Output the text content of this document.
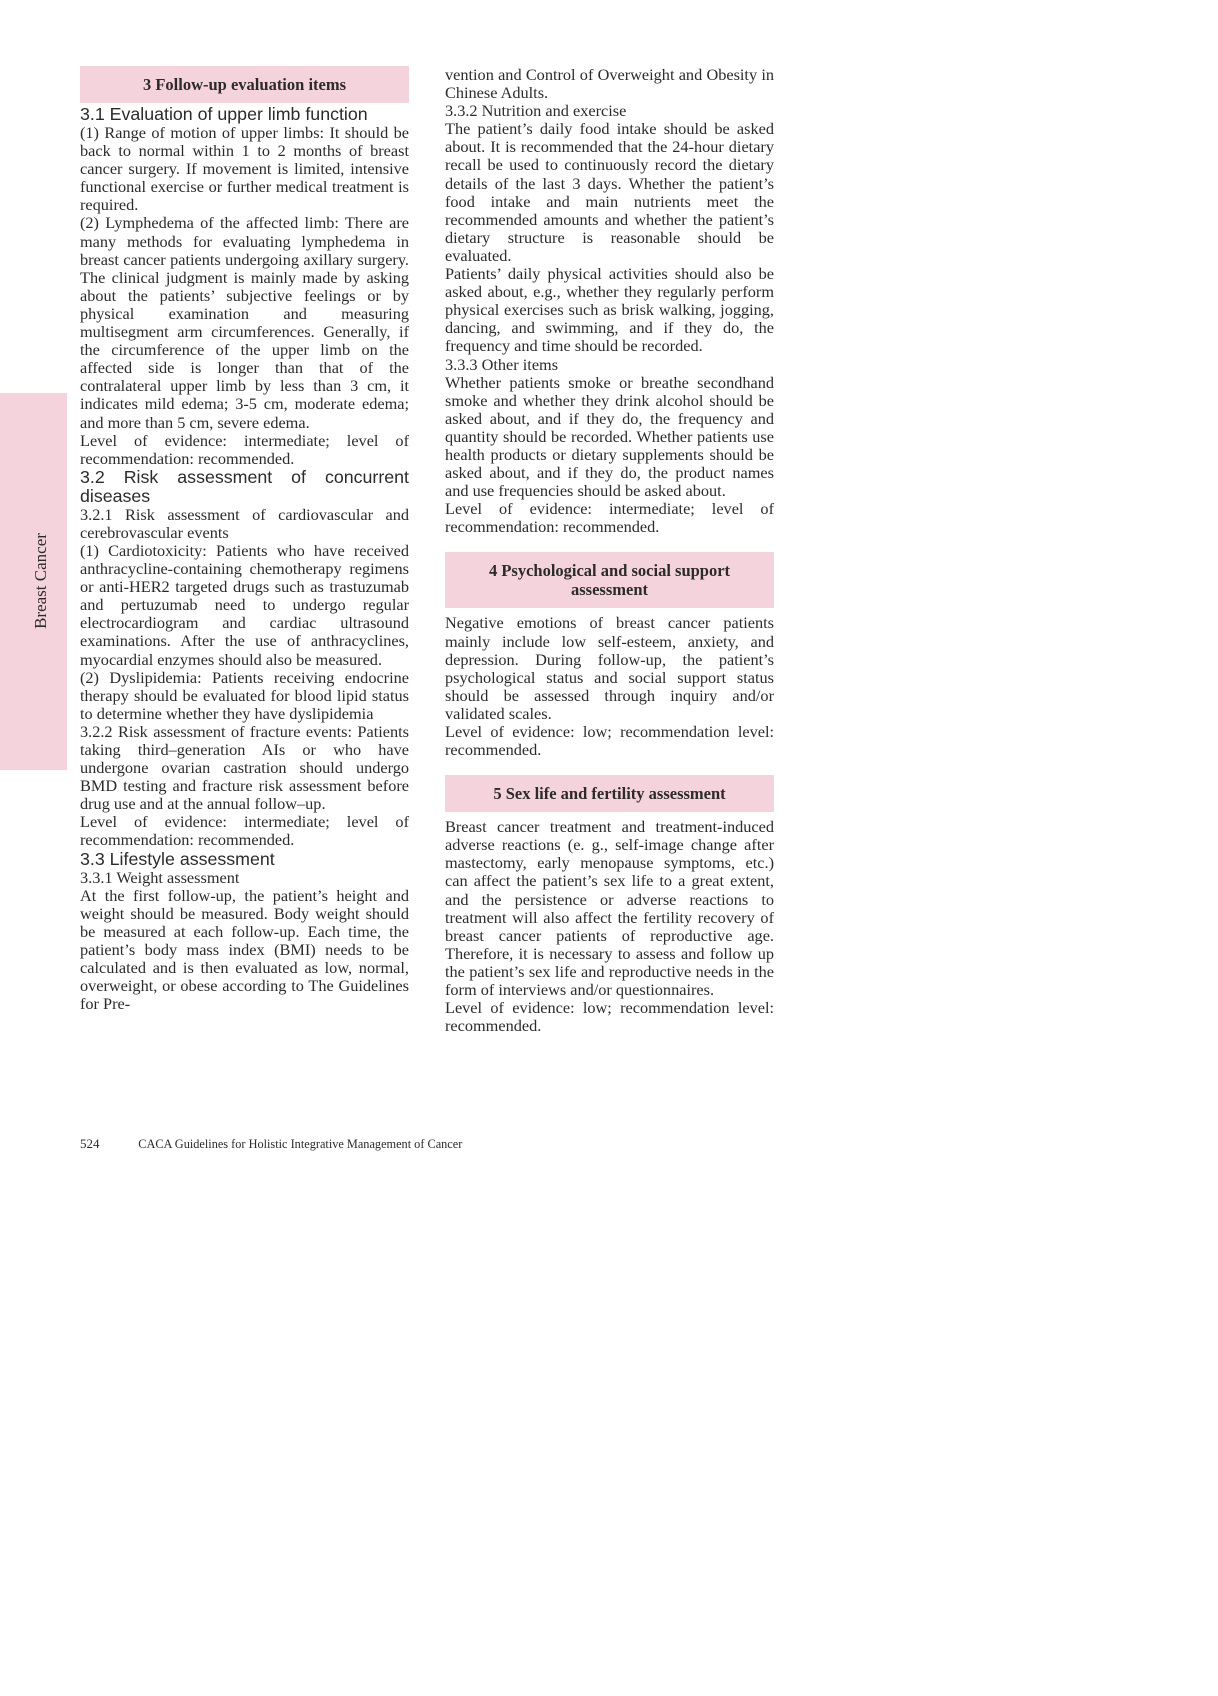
Breast Cancer
3 Follow-up evaluation items

3.1 Evaluation of upper limb function

(1) Range of motion of upper limbs: It should be back to normal within 1 to 2 months of breast cancer surgery. If movement is limited, intensive functional exercise or further medical treatment is required.

(2) Lymphedema of the affected limb: There are many methods for evaluating lymphedema in breast cancer patients undergoing axillary surgery. The clinical judgment is mainly made by asking about the patients’ subjective feelings or by physical examination and measuring multisegment arm circumferences. Generally, if the circumference of the upper limb on the affected side is longer than that of the contralateral upper limb by less than 3 cm, it indicates mild edema; 3-5 cm, moderate edema; and more than 5 cm, severe edema.

Level of evidence: intermediate; level of recommendation: recommended.

3.2 Risk assessment of concurrent diseases

3.2.1 Risk assessment of cardiovascular and cerebrovascular events

(1) Cardiotoxicity: Patients who have received anthracycline-containing chemotherapy regimens or anti-HER2 targeted drugs such as trastuzumab and pertuzumab need to undergo regular electrocardiogram and cardiac ultrasound examinations. After the use of anthracyclines, myocardial enzymes should also be measured.

(2) Dyslipidemia: Patients receiving endocrine therapy should be evaluated for blood lipid status to determine whether they have dyslipidemia

3.2.2 Risk assessment of fracture events: Patients taking third–generation AIs or who have undergone ovarian castration should undergo BMD testing and fracture risk assessment before drug use and at the annual follow–up.

Level of evidence: intermediate; level of recommendation: recommended.

3.3 Lifestyle assessment

3.3.1 Weight assessment

At the first follow-up, the patient’s height and weight should be measured. Body weight should be measured at each follow-up. Each time, the patient’s body mass index (BMI) needs to be calculated and is then evaluated as low, normal, overweight, or obese according to The Guidelines for Pre-

vention and Control of Overweight and Obesity in Chinese Adults.

3.3.2 Nutrition and exercise

The patient’s daily food intake should be asked about. It is recommended that the 24-hour dietary recall be used to continuously record the dietary details of the last 3 days. Whether the patient’s food intake and main nutrients meet the recommended amounts and whether the patient’s dietary structure is reasonable should be evaluated.

Patients’ daily physical activities should also be asked about, e.g., whether they regularly perform physical exercises such as brisk walking, jogging, dancing, and swimming, and if they do, the frequency and time should be recorded.

3.3.3 Other items

Whether patients smoke or breathe secondhand smoke and whether they drink alcohol should be asked about, and if they do, the frequency and quantity should be recorded. Whether patients use health products or dietary supplements should be asked about, and if they do, the product names and use frequencies should be asked about.

Level of evidence: intermediate; level of recommendation: recommended.

4 Psychological and social support assessment

Negative emotions of breast cancer patients mainly include low self-esteem, anxiety, and depression. During follow-up, the patient’s psychological status and social support status should be assessed through inquiry and/or validated scales.

Level of evidence: low; recommendation level: recommended.

5 Sex life and fertility assessment

Breast cancer treatment and treatment-induced adverse reactions (e. g., self-image change after mastectomy, early menopause symptoms, etc.) can affect the patient’s sex life to a great extent, and the persistence or adverse reactions to treatment will also affect the fertility recovery of breast cancer patients of reproductive age. Therefore, it is necessary to assess and follow up the patient’s sex life and reproductive needs in the form of interviews and/or questionnaires.

Level of evidence: low; recommendation level: recommended.

524	CACA Guidelines for Holistic Integrative Management of Cancer
